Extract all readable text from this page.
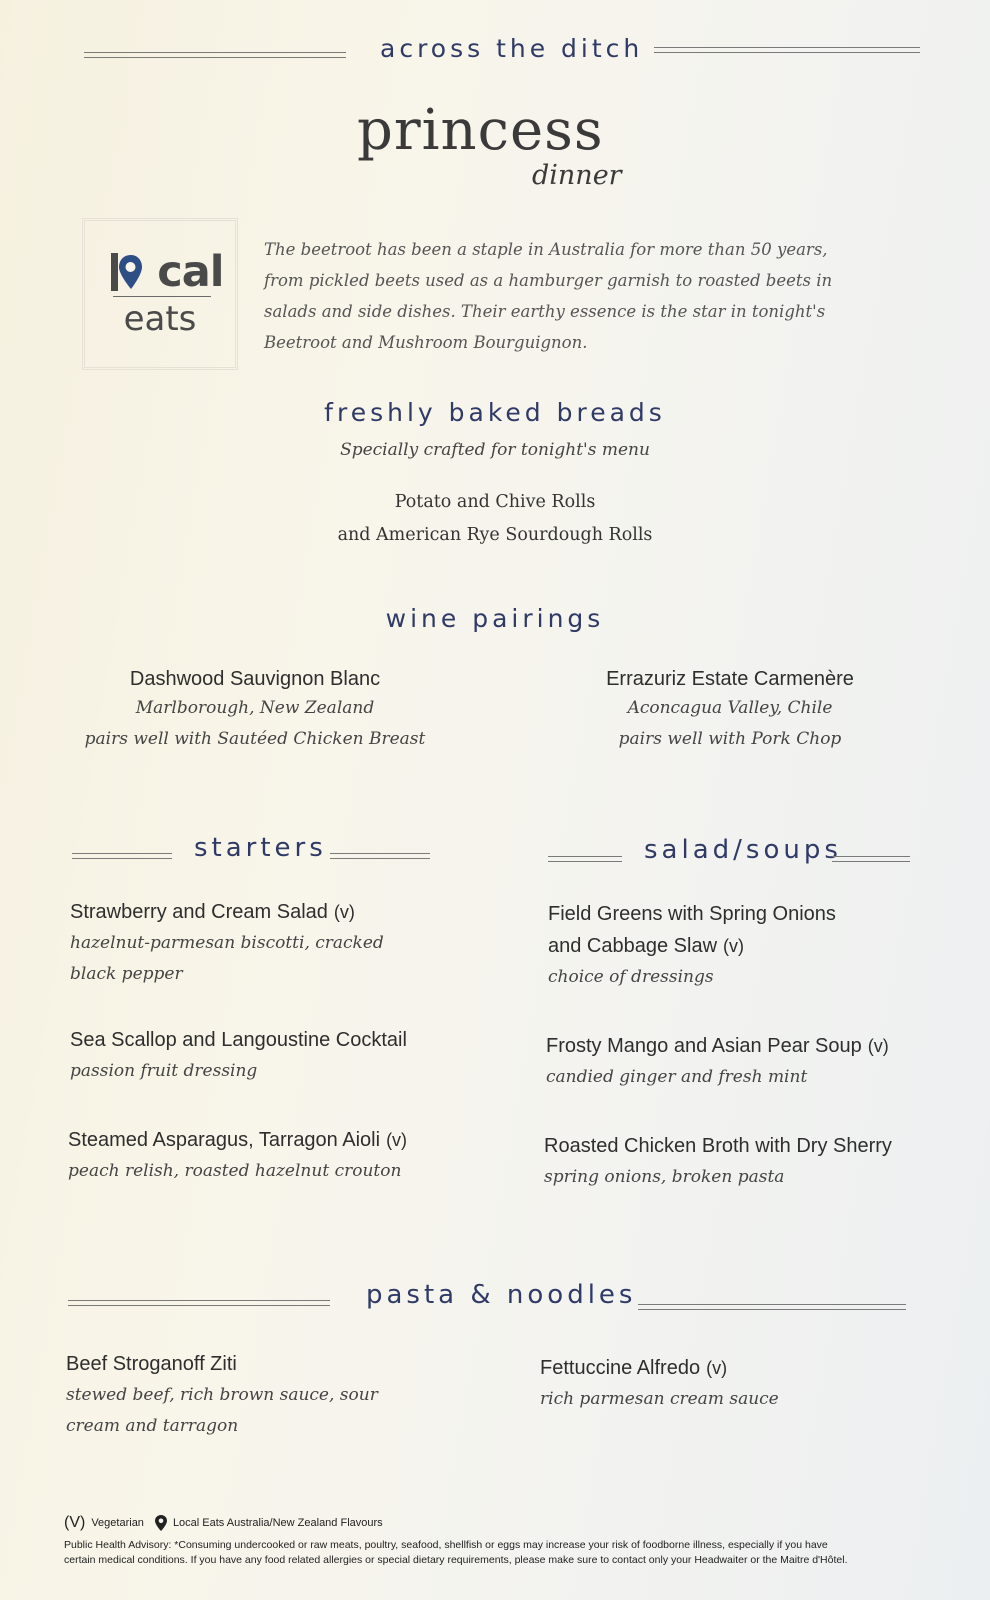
across the ditch
princess
dinner
cal
eats
The beetroot has been a staple in Australia for more than 50 years, from pickled beets used as a hamburger garnish to roasted beets in salads and side dishes. Their earthy essence is the star in tonight's Beetroot and Mushroom Bourguignon.
freshly baked breads
Specially crafted for tonight's menu
Potato and Chive Rolls
and American Rye Sourdough Rolls
wine pairings
Dashwood Sauvignon Blanc
Marlborough, New Zealand
pairs well with Sautéed Chicken Breast
Errazuriz Estate Carmenère
Aconcagua Valley, Chile
pairs well with Pork Chop
starters
Strawberry and Cream Salad (v)
hazelnut-parmesan biscotti, cracked black pepper
Sea Scallop and Langoustine Cocktail
passion fruit dressing
Steamed Asparagus, Tarragon Aioli (v)
peach relish, roasted hazelnut crouton
salad/soups
Field Greens with Spring Onions and Cabbage Slaw (v)
choice of dressings
Frosty Mango and Asian Pear Soup (v)
candied ginger and fresh mint
Roasted Chicken Broth with Dry Sherry
spring onions, broken pasta
pasta & noodles
Beef Stroganoff Ziti
stewed beef, rich brown sauce, sour cream and tarragon
Fettuccine Alfredo (v)
rich parmesan cream sauce
(V) Vegetarian	Local Eats Australia/New Zealand Flavours
Public Health Advisory: *Consuming undercooked or raw meats, poultry, seafood, shellfish or eggs may increase your risk of foodborne illness, especially if you have certain medical conditions. If you have any food related allergies or special dietary requirements, please make sure to contact only your Headwaiter or the Maitre d'Hôtel.
